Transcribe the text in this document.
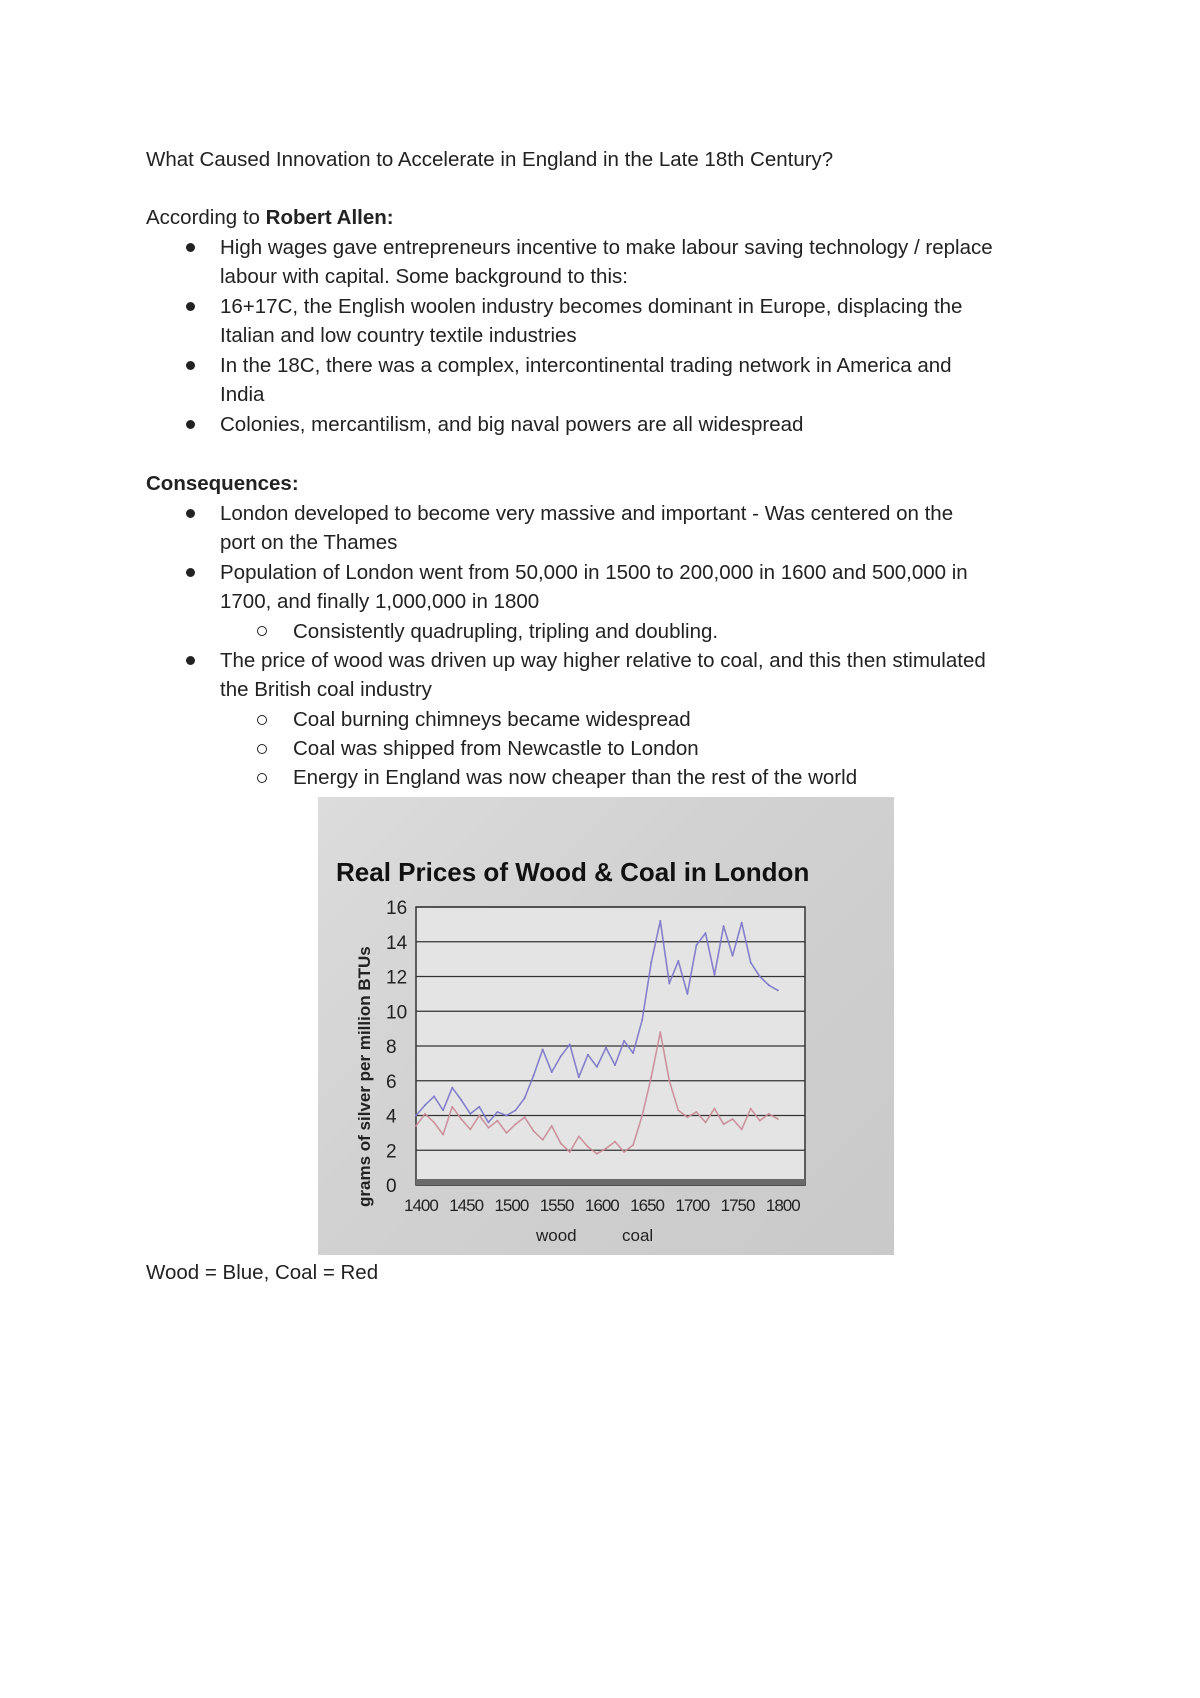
What Caused Innovation to Accelerate in England in the Late 18th Century?
According to Robert Allen:
High wages gave entrepreneurs incentive to make labour saving technology / replace
labour with capital. Some background to this:
16+17C, the English woolen industry becomes dominant in Europe, displacing the
Italian and low country textile industries
In the 18C, there was a complex, intercontinental trading network in America and
India
Colonies, mercantilism, and big naval powers are all widespread
Consequences:
London developed to become very massive and important - Was centered on the
port on the Thames
Population of London went from 50,000 in 1500 to 200,000 in 1600 and 500,000 in
1700, and finally 1,000,000 in 1800
Consistently quadrupling, tripling and doubling.
The price of wood was driven up way higher relative to coal, and this then stimulated
the British coal industry
Coal burning chimneys became widespread
Coal was shipped from Newcastle to London
Energy in England was now cheaper than the rest of the world
Real Prices of Wood & Coal in London
grams of silver per million BTUs 0
2
4
6
8
10
12
14
16
1400 1450 1500 1550 1600 1650 1700 1750 1800
wood	coal
Wood = Blue, Coal = Red
